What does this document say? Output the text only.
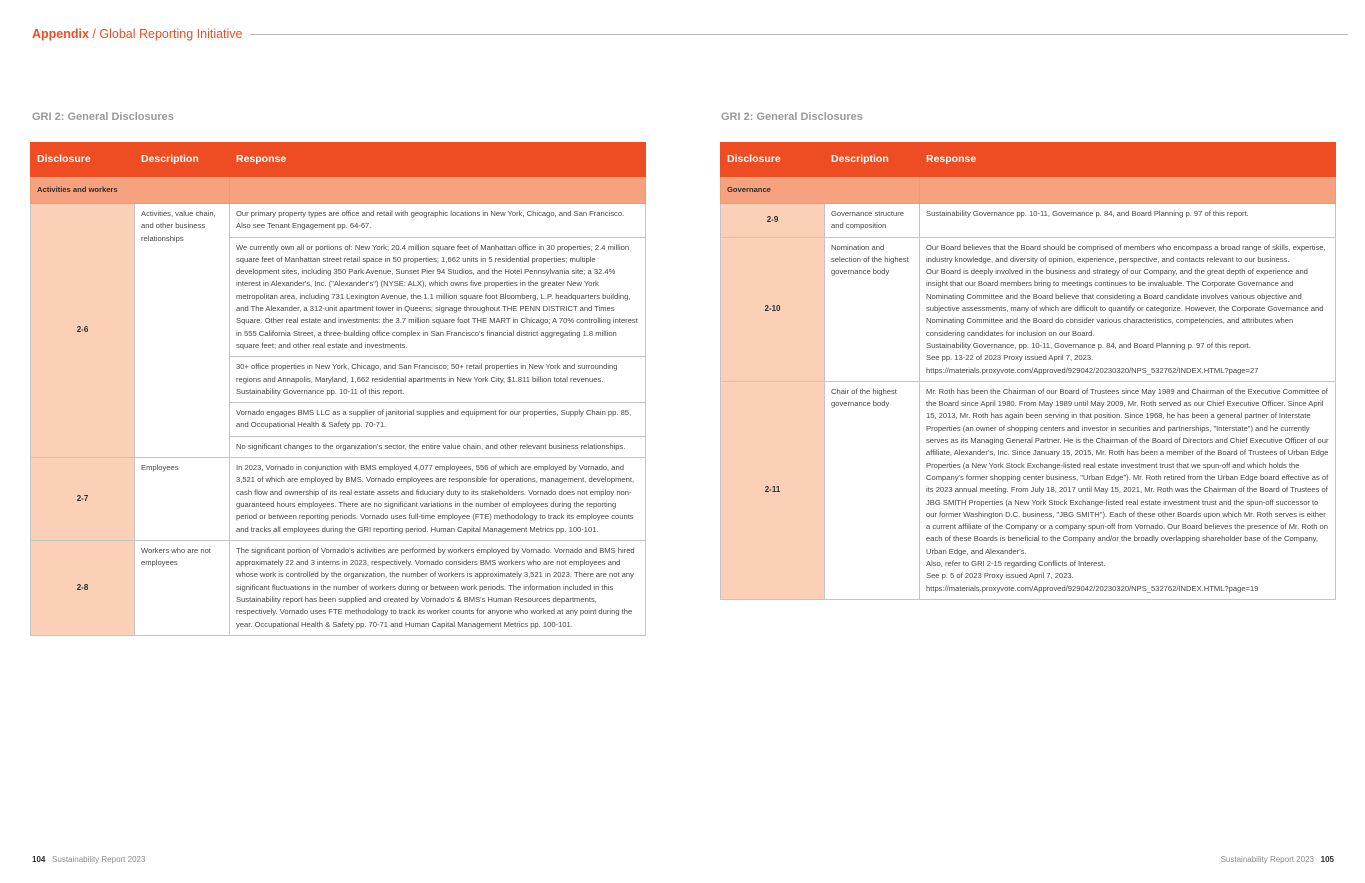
Appendix / Global Reporting Initiative
GRI 2: General Disclosures	GRI 2: General Disclosures
Disclosure	Description	Response
Activities and workers		
2-6	Activities, value chain, and other business relationships	Our primary property types are office and retail with geographic locations in New York, Chicago, and San Francisco. Also see Tenant Engagement pp. 64-67.

		We currently own all or portions of: New York; 20.4 million square feet of Manhattan office in 30 properties; 2.4 million square feet of Manhattan street retail space in 50 properties; 1,662 units in 5 residential properties; multiple development sites, including 350 Park Avenue, Sunset Pier 94 Studios, and the Hotel Pennsylvania site; a 32.4% interest in Alexander's, Inc. ("Alexander's") (NYSE: ALX), which owns five properties in the greater New York metropolitan area, including 731 Lexington Avenue, the 1.1 million square foot Bloomberg, L.P. headquarters building, and The Alexander, a 312-unit apartment tower in Queens; signage throughout THE PENN DISTRICT and Times Square. Other real estate and investments: the 3.7 million square foot THE MART in Chicago; A 70% controlling interest in 555 California Street, a three-building office complex in San Francisco's financial district aggregating 1.8 million square feet; and other real estate and investments.

		30+ office properties in New York, Chicago, and San Francisco; 50+ retail properties in New York and surrounding regions and Annapolis, Maryland, 1,662 residential apartments in New York City, $1.811 billion total revenues.

Sustainability Governance pp. 10-11 of this report.

		Vornado engages BMS LLC as a supplier of janitorial supplies and equipment for our properties, Supply Chain pp. 85, and Occupational Health & Safety pp. 70-71.

		No significant changes to the organization's sector, the entire value chain, and other relevant business relationships.

2-7	Employees	In 2023, Vornado in conjunction with BMS employed 4,077 employees, 556 of which are employed by Vornado, and 3,521 of which are employed by BMS. Vornado employees are responsible for operations, management, development, cash flow and ownership of its real estate assets and fiduciary duty to its stakeholders. Vornado does not employ non-guaranteed hours employees. There are no significant variations in the number of employees during the reporting period or between reporting periods. Vornado uses full-time employee (FTE) methodology to track its employee counts and tracks all employees during the GRI reporting period. Human Capital Management Metrics pp. 100-101.

2-8	Workers who are not employees	The significant portion of Vornado's activities are performed by workers employed by Vornado. Vornado and BMS hired approximately 22 and 3 interns in 2023, respectively. Vornado considers BMS workers who are not employees and whose work is controlled by the organization, the number of workers is approximately 3,521 in 2023. There are not any significant fluctuations in the number of workers during or between work periods. The information included in this Sustainability report has been supplied and created by Vornado's & BMS's Human Resources departments, respectively. Vornado uses FTE methodology to track its worker counts for anyone who worked at any point during the year. Occupational Health & Safety pp. 70-71 and Human Capital Management Metrics pp. 100-101.

Disclosure	Description	Response
Governance		
2-9	Governance structure and composition	Sustainability Governance pp. 10-11, Governance p. 84, and Board Planning p. 97 of this report.

2-10	Nomination and selection of the highest governance body	Our Board believes that the Board should be comprised of members who encompass a broad range of skills, expertise, industry knowledge, and diversity of opinion, experience, perspective, and contacts relevant to our business.

Our Board is deeply involved in the business and strategy of our Company, and the great depth of experience and insight that our Board members bring to meetings continues to be invaluable. The Corporate Governance and Nominating Committee and the Board believe that considering a Board candidate involves various objective and subjective assessments, many of which are difficult to quantify or categorize. However, the Corporate Governance and Nominating Committee and the Board do consider various characteristics, competencies, and attributes when considering candidates for inclusion on our Board.

Sustainability Governance, pp. 10-11, Governance p. 84, and Board Planning p. 97 of this report.

See pp. 13-22 of 2023 Proxy issued April 7, 2023.

https://materials.proxyvote.com/Approved/929042/20230320/NPS_532762/INDEX.HTML?page=27

2-11	Chair of the highest governance body	Mr. Roth has been the Chairman of our Board of Trustees since May 1989 and Chairman of the Executive Committee of the Board since April 1980. From May 1989 until May 2009, Mr. Roth served as our Chief Executive Officer. Since April 15, 2013, Mr. Roth has again been serving in that position. Since 1968, he has been a general partner of Interstate Properties (an owner of shopping centers and investor in securities and partnerships, "Interstate") and he currently serves as its Managing General Partner. He is the Chairman of the Board of Directors and Chief Executive Officer of our affiliate, Alexander's, Inc. Since January 15, 2015, Mr. Roth has been a member of the Board of Trustees of Urban Edge Properties (a New York Stock Exchange-listed real estate investment trust that we spun-off and which holds the Company's former shopping center business, "Urban Edge"). Mr. Roth retired from the Urban Edge board effective as of its 2023 annual meeting. From July 18, 2017 until May 15, 2021, Mr. Roth was the Chairman of the Board of Trustees of JBG SMITH Properties (a New York Stock Exchange-listed real estate investment trust and the spun-off successor to our former Washington D.C. business, "JBG SMITH"). Each of these other Boards upon which Mr. Roth serves is either a current affiliate of the Company or a company spun-off from Vornado. Our Board believes the presence of Mr. Roth on each of these Boards is beneficial to the Company and/or the broadly overlapping shareholder base of the Company, Urban Edge, and Alexander's.

Also, refer to GRI 2-15 regarding Conflicts of Interest.

See p. 5 of 2023 Proxy issued April 7, 2023.

https://materials.proxyvote.com/Approved/929042/20230320/NPS_532762/INDEX.HTML?page=19

104 Sustainability Report 2023	Sustainability Report 2023 105
